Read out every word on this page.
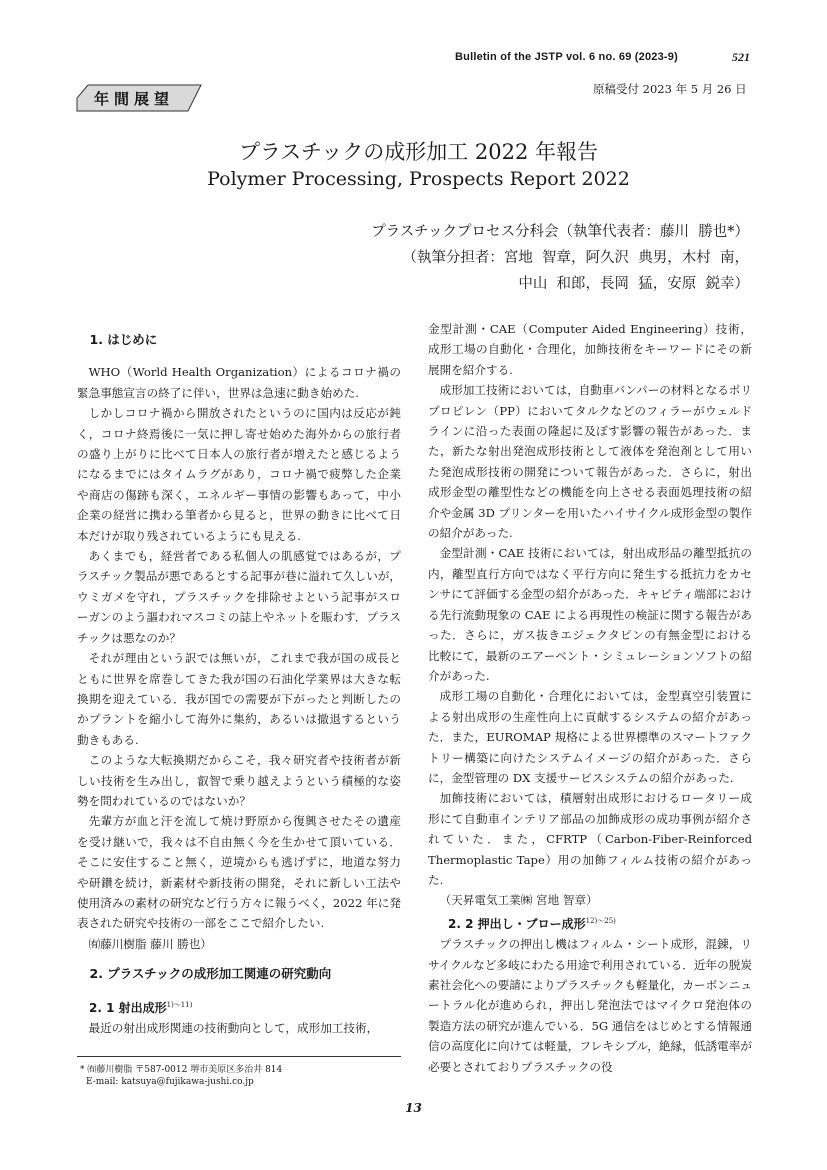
Bulletin of the JSTP vol. 6 no. 69 (2023-9)	521
年間展望
原稿受付 2023 年 5 月 26 日
プラスチックの成形加工 2022 年報告
Polymer Processing, Prospects Report 2022
プラスチックプロセス分科会（執筆代表者：藤川  勝也*）
（執筆分担者：宮地  智章，阿久沢  典男，木村  南，
中山  和郎，長岡  猛，安原  鋭幸）

1. はじめに

WHO（World Health Organization）によるコロナ禍の緊急事態宣言の終了に伴い，世界は急速に動き始めた.

しかしコロナ禍から開放されたというのに国内は反応が鈍く，コロナ終焉後に一気に押し寄せ始めた海外からの旅行者の盛り上がりに比べて日本人の旅行者が増えたと感じるようになるまでにはタイムラグがあり，コロナ禍で疲弊した企業や商店の傷跡も深く，エネルギー事情の影響もあって，中小企業の経営に携わる筆者から見ると，世界の動きに比べて日本だけが取り残されているようにも見える.

あくまでも，経営者である私個人の肌感覚ではあるが，プラスチック製品が悪であるとする記事が巷に溢れて久しいが，ウミガメを守れ，プラスチックを排除せよという記事がスローガンのよう謳われマスコミの誌上やネットを賑わす．プラスチックは悪なのか？

それが理由という訳では無いが，これまで我が国の成長とともに世界を席巻してきた我が国の石油化学業界は大きな転換期を迎えている．我が国での需要が下がったと判断したのかプラントを縮小して海外に集約，あるいは撤退するという動きもある.

このような大転換期だからこそ，我々研究者や技術者が新しい技術を生み出し，叡智で乗り越えようという積極的な姿勢を問われているのではないか？

先輩方が血と汗を流して焼け野原から復興させたその遺産を受け継いで，我々は不自由無く今を生かせて頂いている．そこに安住すること無く，逆境からも逃げずに，地道な努力や研鑽を続け，新素材や新技術の開発，それに新しい工法や使用済みの素材の研究など行う方々に報うべく，2022 年に発表された研究や技術の一部をここで紹介したい.

㈲藤川樹脂 藤川 勝也）

2. プラスチックの成形加工関連の研究動向

2. 1 射出成形$^{1)\sim 11)}$

最近の射出成形関連の技術動向として，成形加工技術，

金型計測・CAE（Computer Aided Engineering）技術，成形工場の自動化・合理化，加飾技術をキーワードにその新展開を紹介する.

成形加工技術においては，自動車バンパーの材料となるポリプロピレン（PP）においてタルクなどのフィラーがウェルドラインに沿った表面の隆起に及ぼす影響の報告があった．また，新たな射出発泡成形技術として液体を発泡剤として用いた発泡成形技術の開発について報告があった．さらに，射出成形金型の離型性などの機能を向上させる表面処理技術の紹介や金属 3D プリンターを用いたハイサイクル成形金型の製作の紹介があった.

金型計測・CAE 技術においては，射出成形品の離型抵抗の内，離型直行方向ではなく平行方向に発生する抵抗力をカセンサにて評価する金型の紹介があった．キャビティ端部における先行流動現象の CAE による再現性の検証に関する報告があった．さらに，ガス抜きエジェクタピンの有無金型における比較にて，最新のエアーベント・シミュレーションソフトの紹介があった.

成形工場の自動化・合理化においては，金型真空引装置による射出成形の生産性向上に貢献するシステムの紹介があった．また，EUROMAP 規格による世界標準のスマートファクトリー構築に向けたシステムイメージの紹介があった．さらに，金型管理の DX 支援サービスシステムの紹介があった.

加飾技術においては，積層射出成形におけるロータリー成形にて自動車インテリア部品の加飾成形の成功事例が紹介されていた．また，CFRTP（Carbon-Fiber-Reinforced Thermoplastic Tape）用の加飾フィルム技術の紹介があった.

（天昇電気工業㈱ 宮地 智章）

2. 2 押出し・ブロー成形$^{12)\sim 25)}$

プラスチックの押出し機はフィルム・シート成形，混錬，リサイクルなど多岐にわたる用途で利用されている．近年の脱炭素社会化への要請によりプラスチックも軽量化，カーボンニュートラル化が進められ，押出し発泡法ではマイクロ発泡体の製造方法の研究が進んでいる．5G 通信をはじめとする情報通信の高度化に向けては軽量，フレキシブル，絶縁，低誘電率が必要とされておりプラスチックの役

* ㈲藤川樹脂 〒587-0012 堺市美原区多治井 814
E-mail: katsuya@fujikawa-jushi.co.jp
13
